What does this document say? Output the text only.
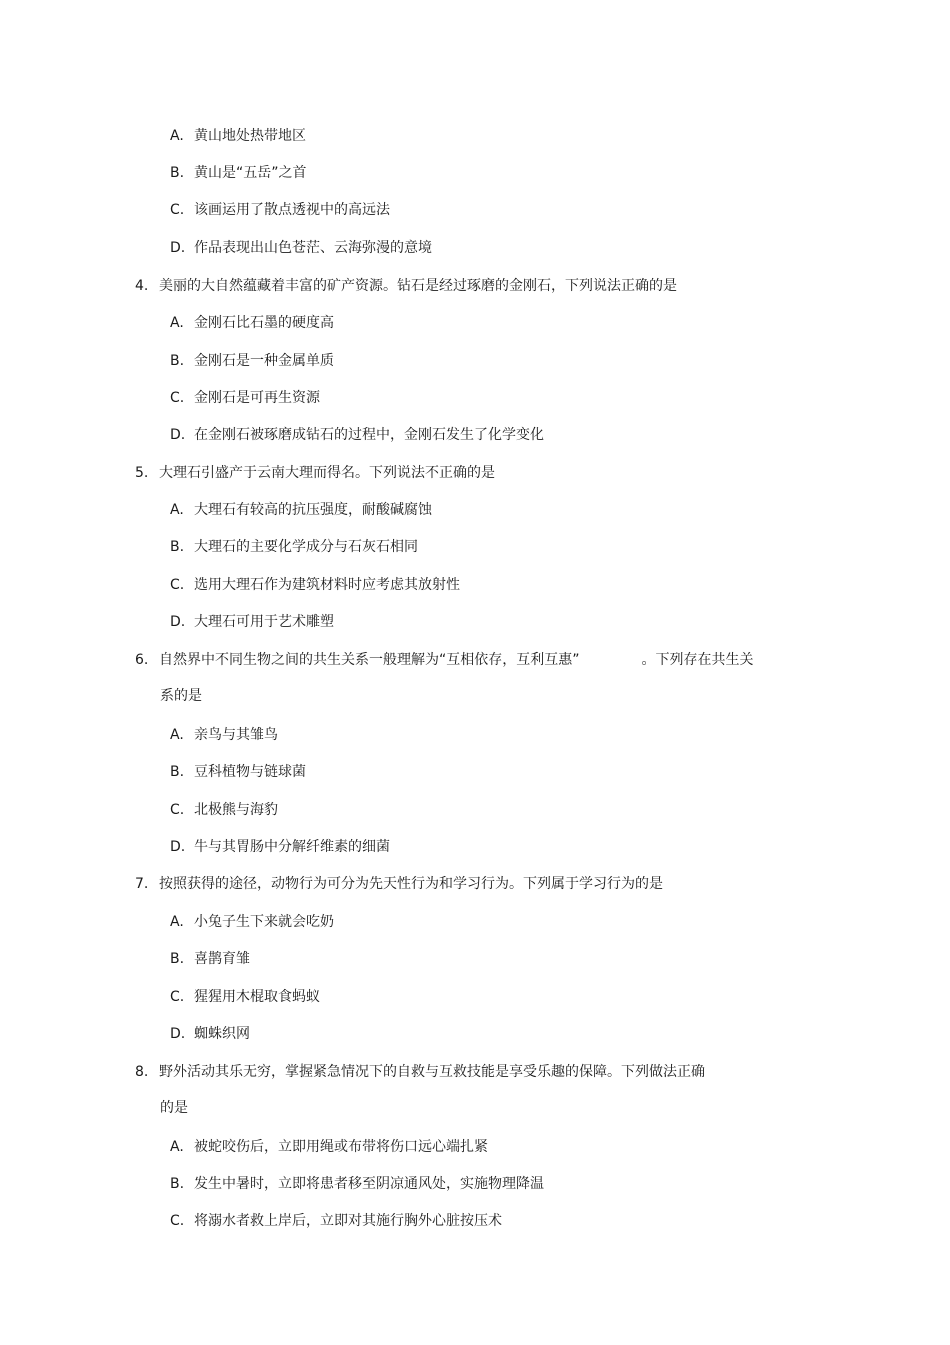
A. 黄山地处热带地区
B. 黄山是“五岳”之首
C. 该画运用了散点透视中的高远法
D. 作品表现出山色苍茫、云海弥漫的意境
4. 美丽的大自然蕴藏着丰富的矿产资源。钻石是经过琢磨的金刚石，下列说法正确的是
A. 金刚石比石墨的硬度高
B. 金刚石是一种金属单质
C. 金刚石是可再生资源
D. 在金刚石被琢磨成钻石的过程中，金刚石发生了化学变化
5. 大理石引盛产于云南大理而得名。下列说法不正确的是
A. 大理石有较高的抗压强度，耐酸碱腐蚀
B. 大理石的主要化学成分与石灰石相同
C. 选用大理石作为建筑材料时应考虑其放射性
D. 大理石可用于艺术雕塑
6. 自然界中不同生物之间的共生关系一般理解为“互相依存，互利互惠”	。下列存在共生关
系的是
A. 亲鸟与其雏鸟
B. 豆科植物与链球菌
C. 北极熊与海豹
D. 牛与其胃肠中分解纤维素的细菌
7. 按照获得的途径，动物行为可分为先天性行为和学习行为。下列属于学习行为的是
A. 小兔子生下来就会吃奶
B. 喜鹊育雏
C. 猩猩用木棍取食蚂蚁
D. 蜘蛛织网
8. 野外活动其乐无穷，掌握紧急情况下的自救与互救技能是享受乐趣的保障。下列做法正确
的是
A. 被蛇咬伤后，立即用绳或布带将伤口远心端扎紧
B. 发生中暑时，立即将患者移至阴凉通风处，实施物理降温
C. 将溺水者救上岸后，立即对其施行胸外心脏按压术
